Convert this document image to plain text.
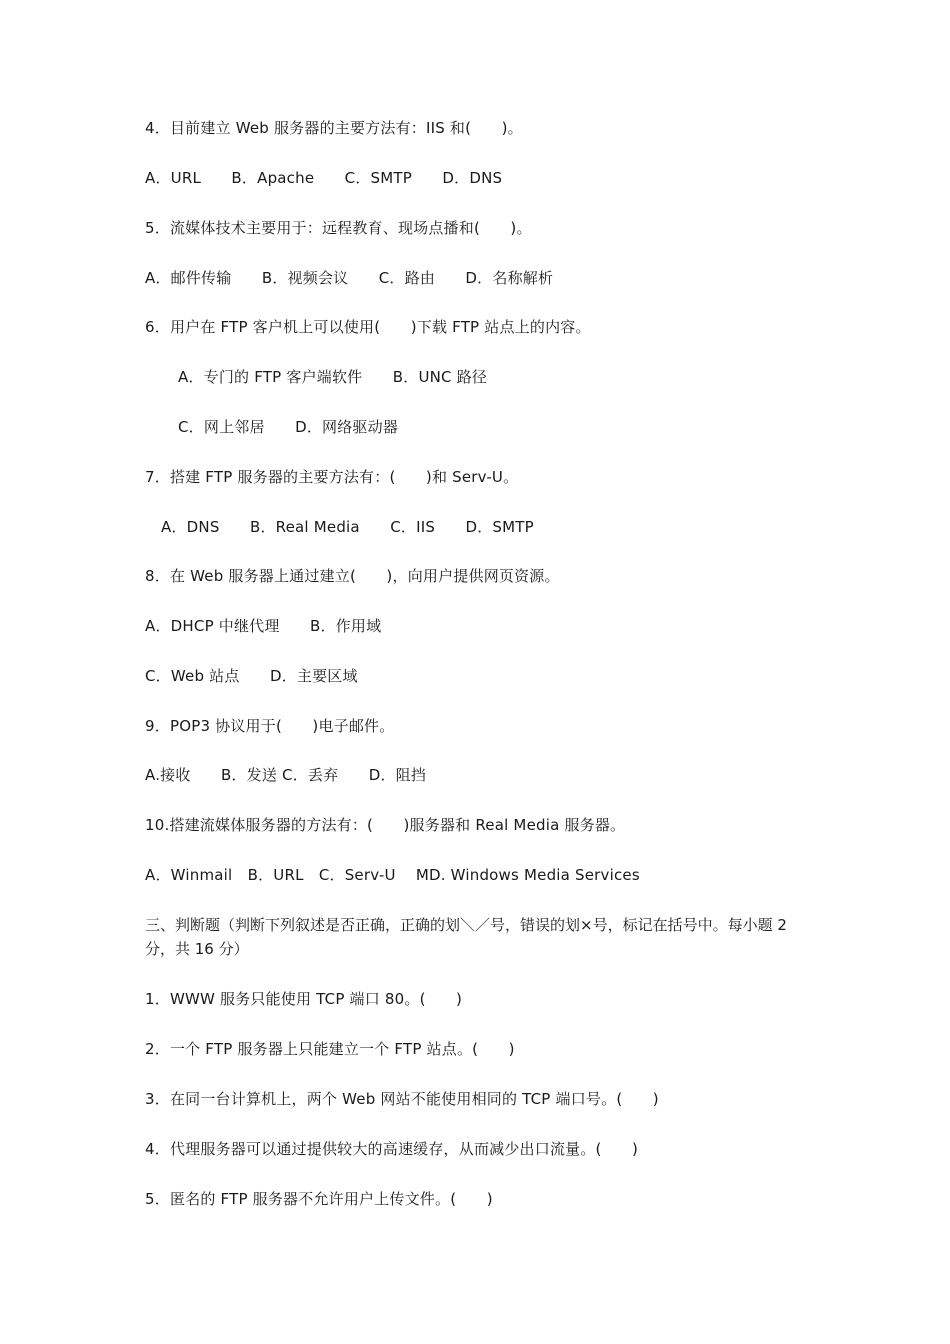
4．目前建立 Web 服务器的主要方法有：IIS 和(　　)。
A．URL　　B．Apache　　C．SMTP　　D．DNS
5．流媒体技术主要用于：远程教育、现场点播和(　　)。
A．邮件传输　　B．视频会议　　C．路由　　D．名称解析
6．用户在 FTP 客户机上可以使用(　　)下载 FTP 站点上的内容。
A．专门的 FTP 客户端软件　　B．UNC 路径
C．网上邻居　　D．网络驱动器
7．搭建 FTP 服务器的主要方法有：(　　)和 Serv-U。
A．DNS　　B．Real Media　　C．IIS　　D．SMTP
8．在 Web 服务器上通过建立(　　)，向用户提供网页资源。
A．DHCP 中继代理　　B．作用域
C．Web 站点　　D．主要区域
9．POP3 协议用于(　　)电子邮件。
A.接收　　B．发送 C．丢弃　　D．阻挡
10.搭建流媒体服务器的方法有：(　　)服务器和 Real Media 服务器。
A．Winmail　B．URL　C．Serv-U　 MD. Windows Media Services
三、判断题（判断下列叙述是否正确，正确的划＼／号，错误的划×号，标记在括号中。每小题 2 分，共 16 分）
1．WWW 服务只能使用 TCP 端口 80。(　　)
2．一个 FTP 服务器上只能建立一个 FTP 站点。(　　)
3．在同一台计算机上，两个 Web 网站不能使用相同的 TCP 端口号。(　　)
4．代理服务器可以通过提供较大的高速缓存，从而减少出口流量。(　　)
5．匿名的 FTP 服务器不允许用户上传文件。(　　)
